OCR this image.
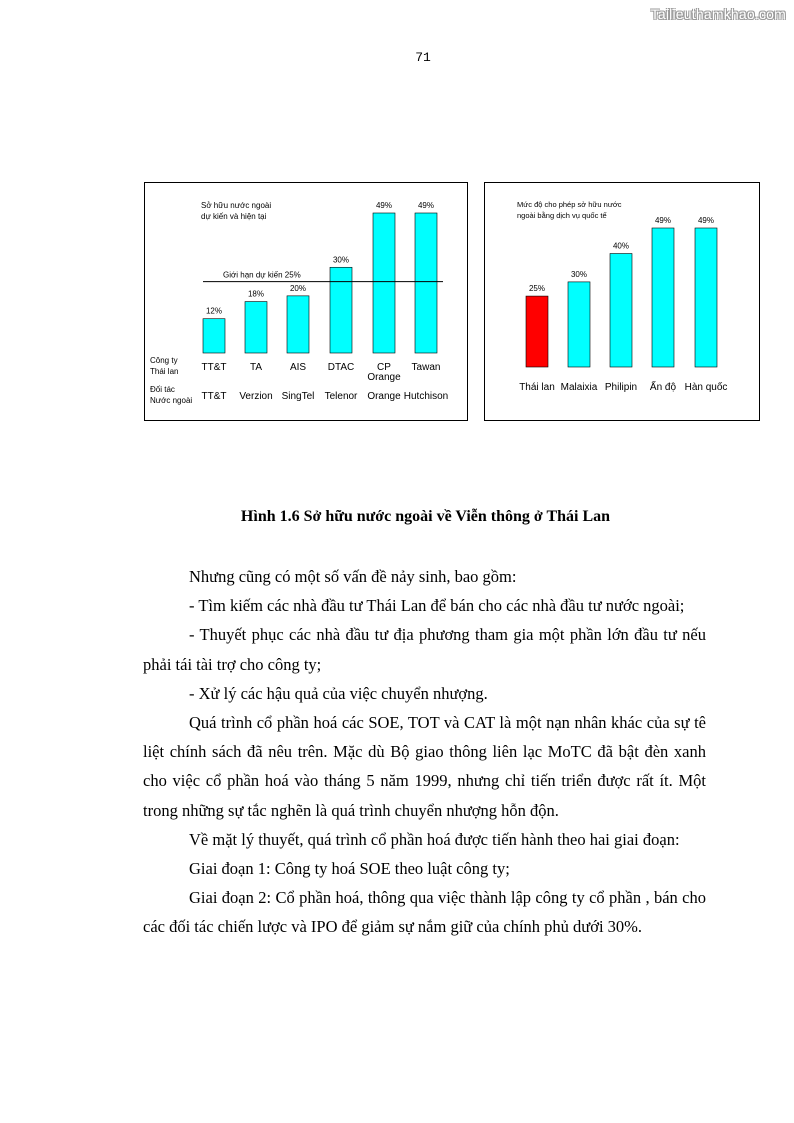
Tailieuthamkhao.com
71
Sở hữu nước ngoài
dự kiến và hiện tại
12%
18%
20%
30%
49%	49%
Giới hạn dự kiến 25%
Công ty
Thái lan
Đối tác
Nước ngoài
TT&T TA	AIS DTAC CP
Orange
Tawan
TT&T Verzion SingTel Telenor Orange Hutchison
Mức độ cho phép sở hữu nước
ngoài bằng dịch vụ quốc tế
25%
30%
40%
49%	49%
Thái lan Malaixia Philipin Ấn độ Hàn quốc
Hình 1.6 Sở hữu nước ngoài về Viễn thông ở Thái Lan

Nhưng cũng có một số vấn đề nảy sinh, bao gồm:

- Tìm kiếm các nhà đầu tư Thái Lan để bán cho các nhà đầu tư nước ngoài;

- Thuyết phục các nhà đầu tư địa phương tham gia một phần lớn đầu tư nếu phải tái tài trợ cho công ty;

- Xử lý các hậu quả của việc chuyển nhượng.

Quá trình cổ phần hoá các SOE, TOT và CAT là một nạn nhân khác của sự tê liệt chính sách đã nêu trên. Mặc dù Bộ giao thông liên lạc MoTC đã bật đèn xanh cho việc cổ phần hoá vào tháng 5 năm 1999, nhưng chỉ tiến triển được rất ít. Một trong những sự tắc nghẽn là quá trình chuyển nhượng hỗn độn.

Về mặt lý thuyết, quá trình cổ phần hoá được tiến hành theo hai giai đoạn:

Giai đoạn 1: Công ty hoá SOE theo luật công ty;

Giai đoạn 2: Cổ phần hoá, thông qua việc thành lập công ty cổ phần , bán cho các đối tác chiến lược và IPO để giảm sự nắm giữ của chính phủ dưới 30%.
